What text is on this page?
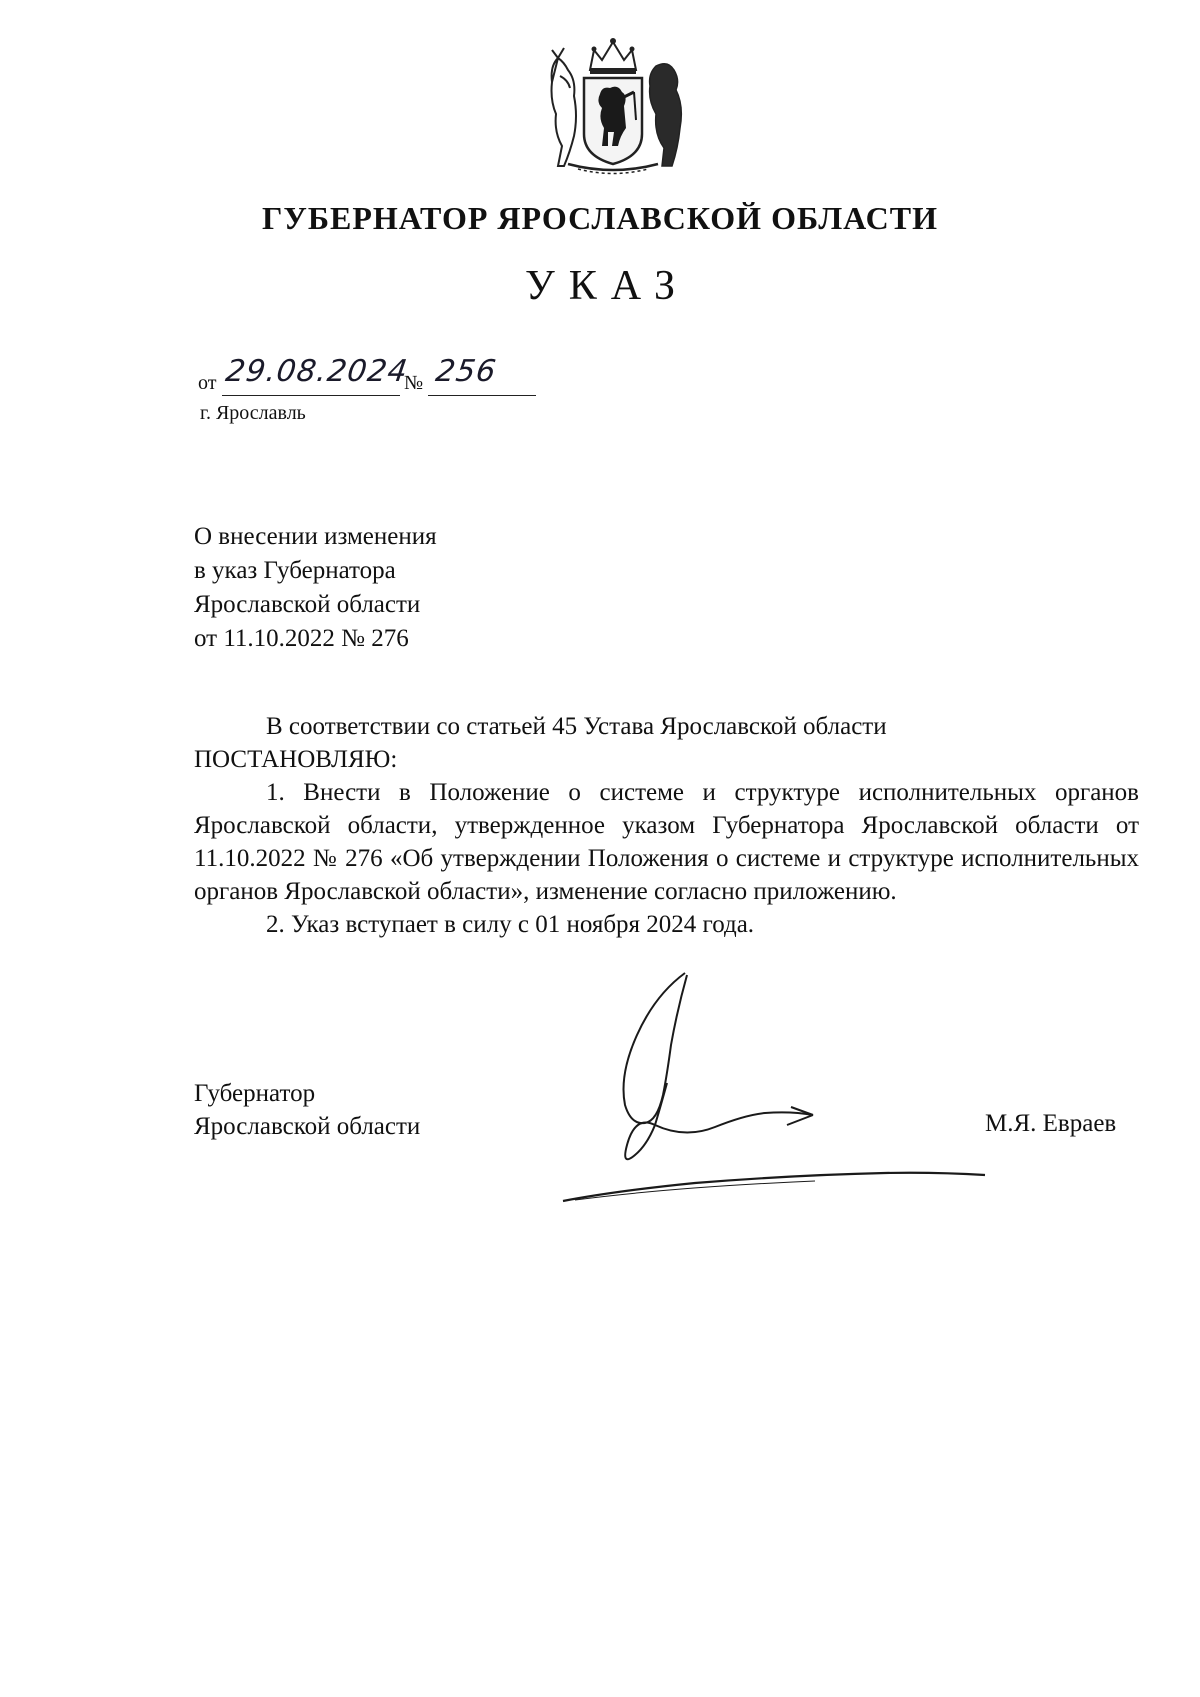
ГУБЕРНАТОР ЯРОСЛАВСКОЙ ОБЛАСТИ
УКАЗ
от 29.08.2024
№ 256
г. Ярославль
О внесении изменения
в указ Губернатора
Ярославской области
от 11.10.2022 № 276

В соответствии со статьей 45 Устава Ярославской области

ПОСТАНОВЛЯЮ:

1. Внести в Положение о системе и структуре исполнительных органов Ярославской области, утвержденное указом Губернатора Ярославской области от 11.10.2022 № 276 «Об утверждении Положения о системе и структуре исполнительных органов Ярославской области», изменение согласно приложению.

2. Указ вступает в силу с 01 ноября 2024 года.

Губернатор
Ярославской области	М.Я. Евраев
